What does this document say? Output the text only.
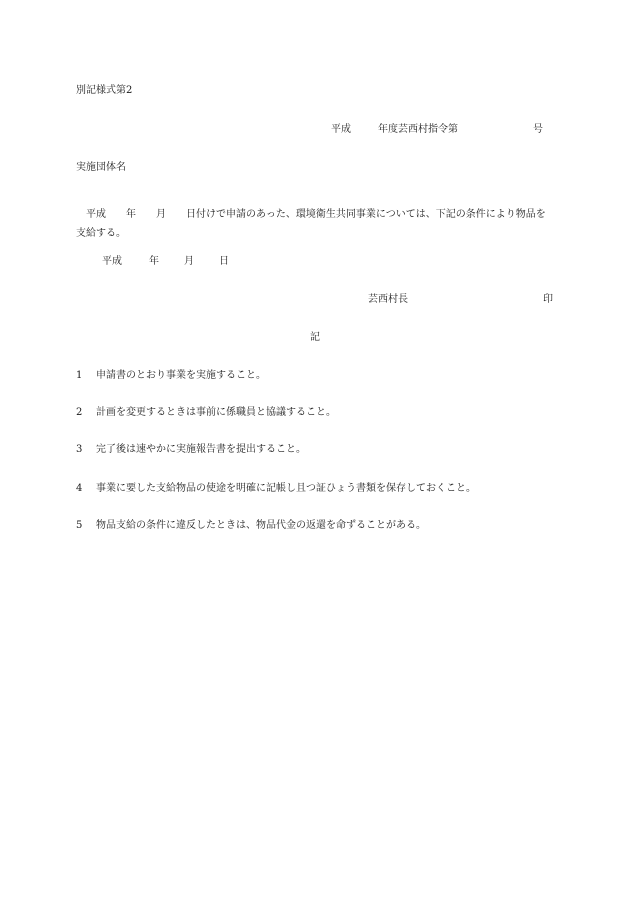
別記様式第2

平成	年度芸西村指令第	号

実施団体名

平成　　年　　月　　日付けで申請のあった、環境衛生共同事業については、下記の条件により物品を支給する。

平成	年	月	日

芸西村長	印

記

1 申請書のとおり事業を実施すること。
2 計画を変更するときは事前に係職員と協議すること。
3 完了後は速やかに実施報告書を提出すること。
4 事業に要した支給物品の使途を明確に記帳し且つ証ひょう書類を保存しておくこと。
5 物品支給の条件に違反したときは、物品代金の返還を命ずることがある。
